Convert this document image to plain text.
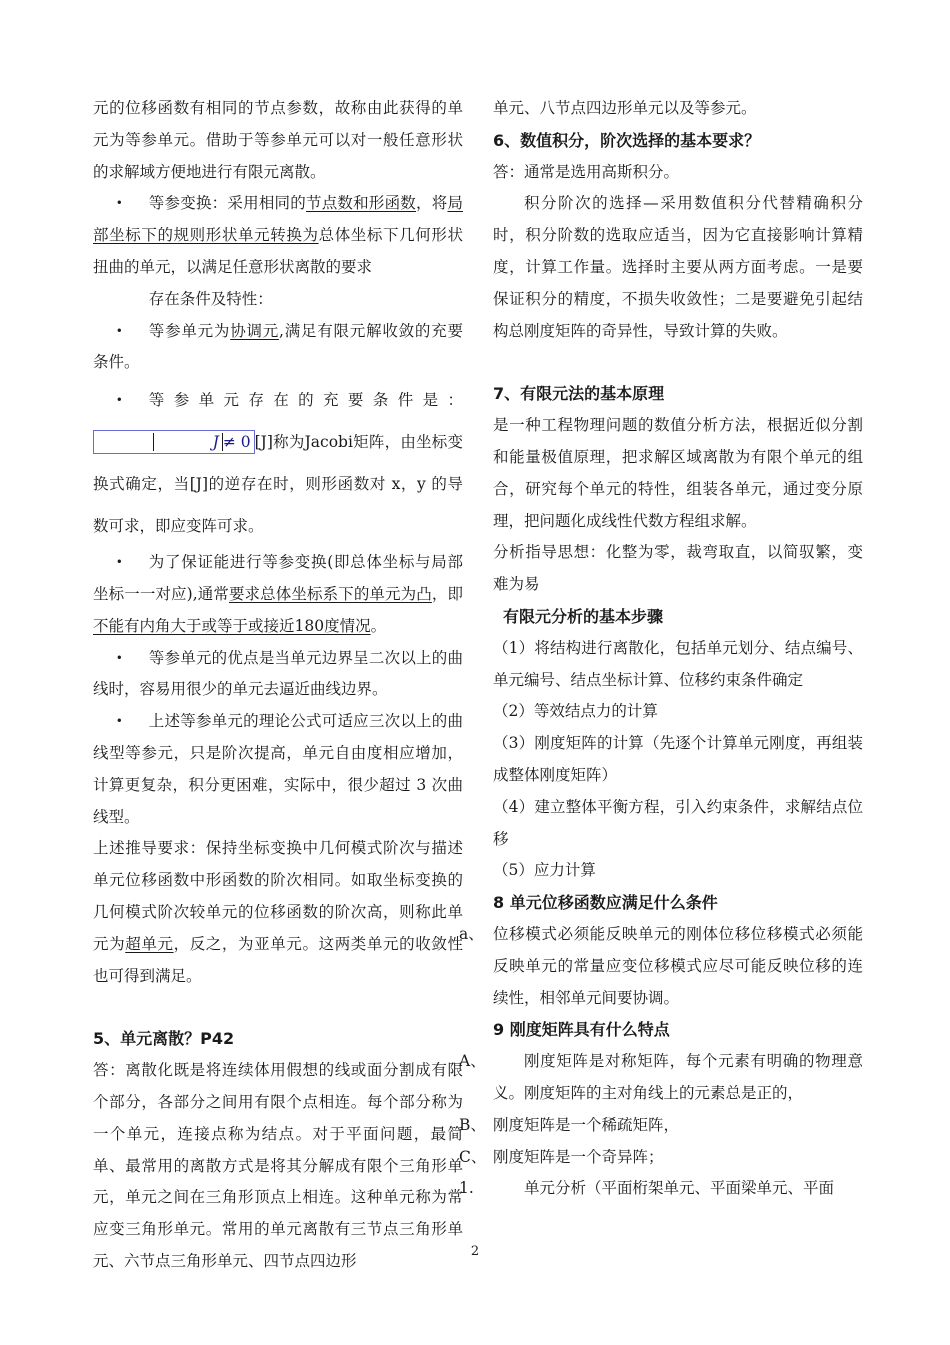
元的位移函数有相同的节点参数，故称由此获得的单元为等参单元。借助于等参单元可以对一般任意形状的求解域方便地进行有限元离散。

• 等参变换：采用相同的节点数和形函数，将局部坐标下的规则形状单元转换为总体坐标下几何形状扭曲的单元，以满足任意形状离散的要求

存在条件及特性：

• 等参单元为协调元,满足有限元解收敛的充要条件。

• 等参单元存在的充要条件是：J ≠ 0 [J]称为Jacobi矩阵，由坐标变换式确定，当[J]的逆存在时，则形函数对 x，y 的导数可求，即应变阵可求。

• 为了保证能进行等参变换(即总体坐标与局部坐标一一对应),通常要求总体坐标系下的单元为凸，即不能有内角大于或等于或接近180度情况。

• 等参单元的优点是当单元边界呈二次以上的曲线时，容易用很少的单元去逼近曲线边界。

• 上述等参单元的理论公式可适应三次以上的曲线型等参元，只是阶次提高，单元自由度相应增加，计算更复杂，积分更困难，实际中，很少超过 3 次曲线型。

上述推导要求：保持坐标变换中几何模式阶次与描述单元位移函数中形函数的阶次相同。如取坐标变换的几何模式阶次较单元的位移函数的阶次高，则称此单元为超单元，反之，为亚单元。这两类单元的收敛性也可得到满足。

5、单元离散？P42

答：离散化既是将连续体用假想的线或面分割成有限个部分，各部分之间用有限个点相连。每个部分称为一个单元，连接点称为结点。对于平面问题，最简单、最常用的离散方式是将其分解成有限个三角形单元，单元之间在三角形顶点上相连。这种单元称为常应变三角形单元。常用的单元离散有三节点三角形单元、六节点三角形单元、四节点四边形

单元、八节点四边形单元以及等参元。

6、数值积分，阶次选择的基本要求？

答：通常是选用高斯积分。

积分阶次的选择—采用数值积分代替精确积分时，积分阶数的选取应适当，因为它直接影响计算精度，计算工作量。选择时主要从两方面考虑。一是要保证积分的精度，不损失收敛性；二是要避免引起结构总刚度矩阵的奇异性，导致计算的失败。

7、有限元法的基本原理

是一种工程物理问题的数值分析方法，根据近似分割和能量极值原理，把求解区域离散为有限个单元的组合，研究每个单元的特性，组装各单元，通过变分原理，把问题化成线性代数方程组求解。

分析指导思想：化整为零，裁弯取直，以简驭繁，变难为易

有限元分析的基本步骤

（1）将结构进行离散化，包括单元划分、结点编号、单元编号、结点坐标计算、位移约束条件确定

（2）等效结点力的计算

（3）刚度矩阵的计算（先逐个计算单元刚度，再组装成整体刚度矩阵）

（4）建立整体平衡方程，引入约束条件，求解结点位移

（5）应力计算

8 单元位移函数应满足什么条件

a、 位移模式必须能反映单元的刚体位移位移模式必须能反映单元的常量应变位移模式应尽可能反映位移的连续性，相邻单元间要协调。

9 刚度矩阵具有什么特点

A、 刚度矩阵是对称矩阵，每个元素有明确的物理意义。刚度矩阵的主对角线上的元素总是正的，

B、 刚度矩阵是一个稀疏矩阵，

C、 刚度矩阵是一个奇异阵；

1.	单元分析（平面桁架单元、平面梁单元、平面

2
